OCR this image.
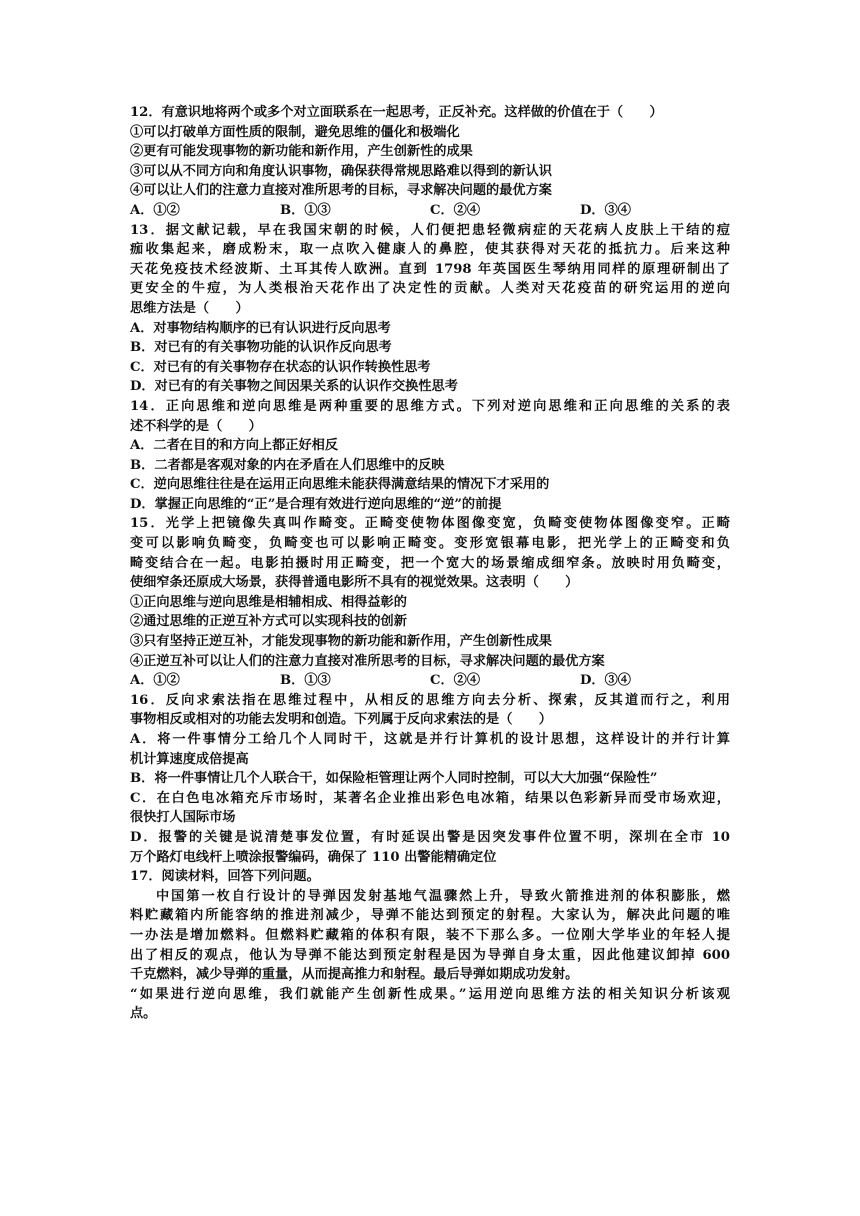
12．有意识地将两个或多个对立面联系在一起思考，正反补充。这样做的价值在于（　　）
①可以打破单方面性质的限制，避免思维的僵化和极端化
②更有可能发现事物的新功能和新作用，产生创新性的成果
③可以从不同方向和角度认识事物，确保获得常规思路难以得到的新认识
④可以让人们的注意力直接对准所思考的目标，寻求解决问题的最优方案
A．①②	B．①③	C．②④	D．③④
13．据文献记载，早在我国宋朝的时候，人们便把患轻微病症的天花病人皮肤上干结的痘
痂收集起来，磨成粉末，取一点吹入健康人的鼻腔，使其获得对天花的抵抗力。后来这种
天花免疫技术经波斯、土耳其传人欧洲。直到 1798 年英国医生琴纳用同样的原理研制出了
更安全的牛痘，为人类根治天花作出了决定性的贡献。人类对天花疫苗的研究运用的逆向
思维方法是（　　）
A．对事物结构顺序的已有认识进行反向思考
B．对已有的有关事物功能的认识作反向思考
C．对已有的有关事物存在状态的认识作转换性思考
D．对已有的有关事物之间因果关系的认识作交换性思考
14．正向思维和逆向思维是两种重要的思维方式。下列对逆向思维和正向思维的关系的表
述不科学的是（　　）
A．二者在目的和方向上都正好相反
B．二者都是客观对象的内在矛盾在人们思维中的反映
C．逆向思维往往是在运用正向思维未能获得满意结果的情况下才采用的
D．掌握正向思维的“正”是合理有效进行逆向思维的“逆”的前提
15．光学上把镜像失真叫作畸变。正畸变使物体图像变宽，负畸变使物体图像变窄。正畸
变可以影响负畸变，负畸变也可以影响正畸变。变形宽银幕电影，把光学上的正畸变和负
畸变结合在一起。电影拍摄时用正畸变，把一个宽大的场景缩成细窄条。放映时用负畸变，
使细窄条还原成大场景，获得普通电影所不具有的视觉效果。这表明（　　）
①正向思维与逆向思维是相辅相成、相得益彰的
②通过思维的正逆互补方式可以实现科技的创新
③只有坚持正逆互补，才能发现事物的新功能和新作用，产生创新性成果
④正逆互补可以让人们的注意力直接对准所思考的目标，寻求解决问题的最优方案
A．①②	B．①③	C．②④	D．③④
16．反向求索法指在思维过程中，从相反的思维方向去分析、探索，反其道而行之，利用
事物相反或相对的功能去发明和创造。下列属于反向求索法的是（　　）
A．将一件事情分工给几个人同时干，这就是并行计算机的设计思想，这样设计的并行计算
机计算速度成倍提高
B．将一件事情让几个人联合干，如保险柜管理让两个人同时控制，可以大大加强“保险性”
C．在白色电冰箱充斥市场时，某著名企业推出彩色电冰箱，结果以色彩新异而受市场欢迎，
很快打人国际市场
D．报警的关键是说清楚事发位置，有时延误出警是因突发事件位置不明，深圳在全市 10
万个路灯电线杆上喷涂报警编码，确保了 110 出警能精确定位
17．阅读材料，回答下列问题。
中国第一枚自行设计的导弹因发射基地气温骤然上升，导致火箭推进剂的体积膨胀，燃
料贮藏箱内所能容纳的推进剂减少，导弹不能达到预定的射程。大家认为，解决此问题的唯
一办法是增加燃料。但燃料贮藏箱的体积有限，装不下那么多。一位刚大学毕业的年轻人提
出了相反的观点，他认为导弹不能达到预定射程是因为导弹自身太重，因此他建议卸掉 600
千克燃料，减少导弹的重量，从而提高推力和射程。最后导弹如期成功发射。
“如果进行逆向思维，我们就能产生创新性成果。”运用逆向思维方法的相关知识分析该观
点。
